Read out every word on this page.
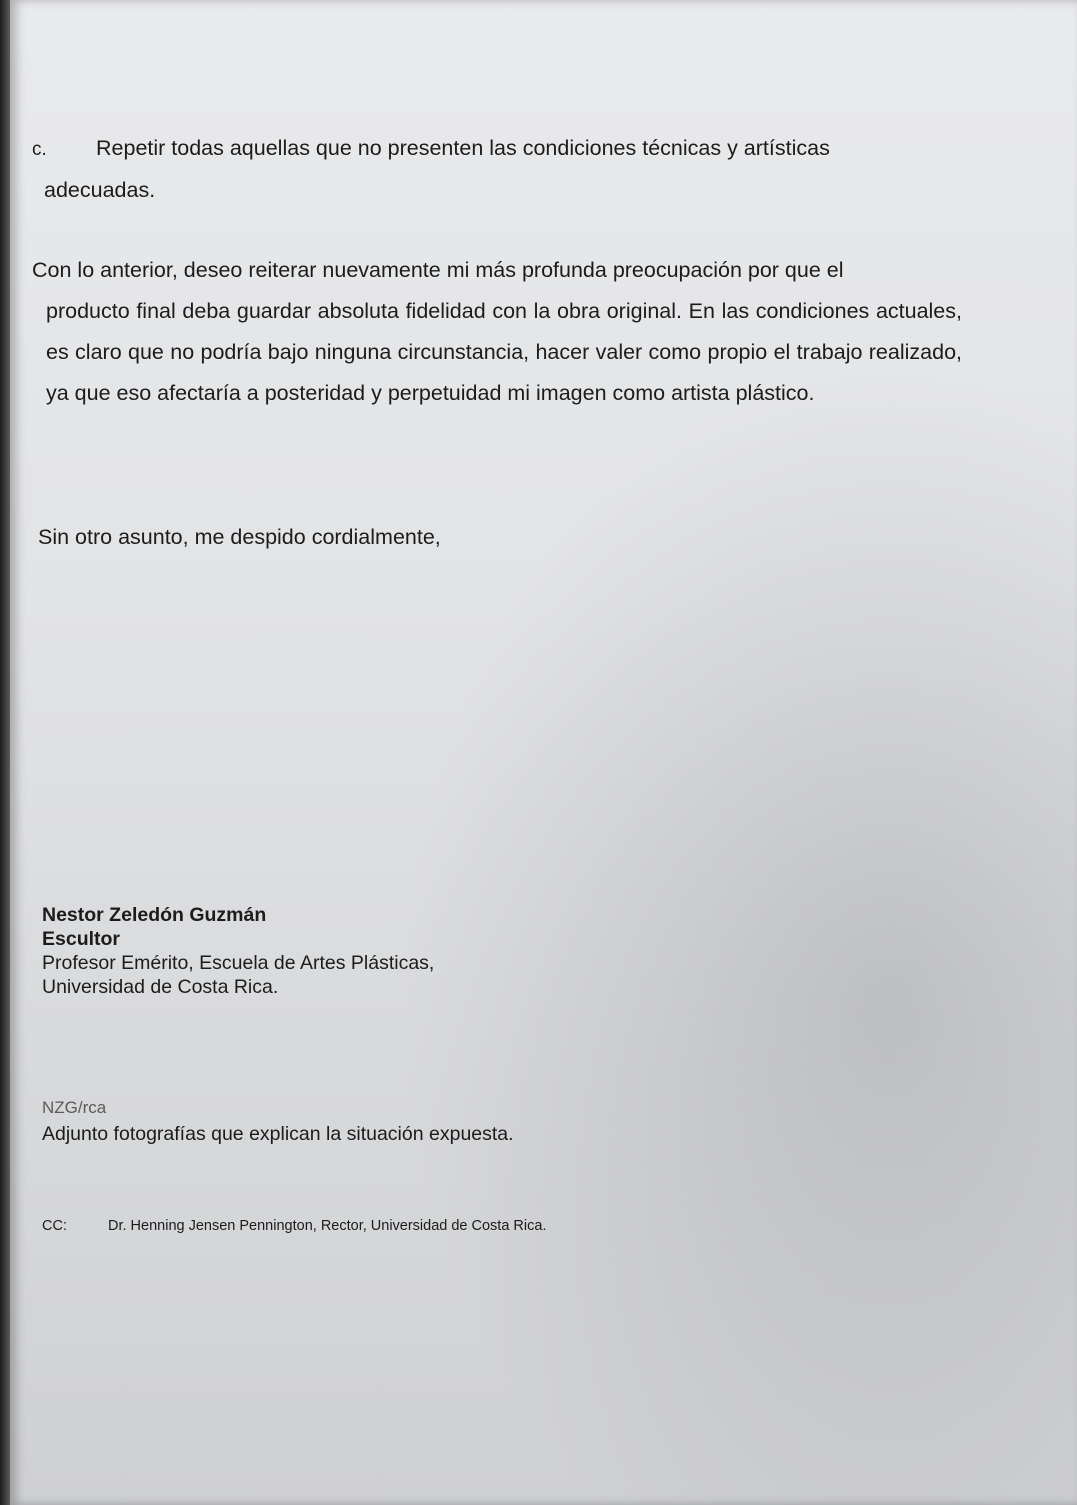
c. Repetir todas aquellas que no presenten las condiciones técnicas y artísticas
adecuadas.
Con lo anterior, deseo reiterar nuevamente mi más profunda preocupación por que el

producto final deba guardar absoluta fidelidad con la obra original. En las condiciones actuales, es claro que no podría bajo ninguna circunstancia, hacer valer como propio el trabajo realizado, ya que eso afectaría a posteridad y perpetuidad mi imagen como artista plástico.

Sin otro asunto, me despido cordialmente,

Nestor Zeledón Guzmán
Escultor
Profesor Emérito, Escuela de Artes Plásticas,
Universidad de Costa Rica.
NZG/rca
Adjunto fotografías que explican la situación expuesta.
CC:	Dr. Henning Jensen Pennington, Rector, Universidad de Costa Rica.
